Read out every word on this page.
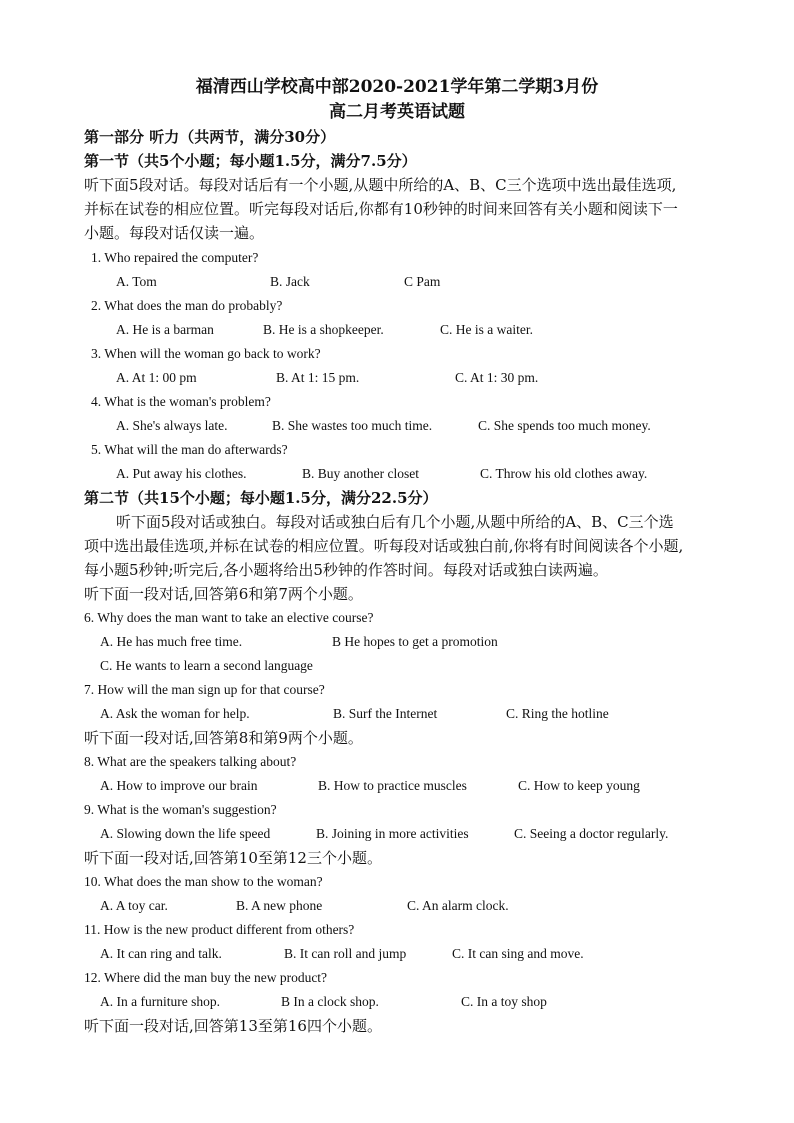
福清西山学校高中部2020-2021学年第二学期3月份
高二月考英语试题
第一部分 听力（共两节，满分30分）
第一节（共5个小题；每小题1.5分，满分7.5分）
听下面5段对话。每段对话后有一个小题,从题中所给的A、B、C三个选项中选出最佳选项,
并标在试卷的相应位置。听完每段对话后,你都有10秒钟的时间来回答有关小题和阅读下一
小题。每段对话仅读一遍。
1. Who repaired the computer?
A. Tom	B. Jack	C Pam
2. What does the man do probably?
A. He is a barman	B. He is a shopkeeper.	C. He is a waiter.
3. When will the woman go back to work?
A. At 1: 00 pm	B. At 1: 15 pm.	C. At 1: 30 pm.
4. What is the woman's problem?
A. She's always late.	B. She wastes too much time.	C. She spends too much money.
5. What will the man do afterwards?
A. Put away his clothes.	B. Buy another closet	C. Throw his old clothes away.
第二节（共15个小题；每小题1.5分，满分22.5分）
听下面5段对话或独白。每段对话或独白后有几个小题,从题中所给的A、B、C三个选
项中选出最佳选项,并标在试卷的相应位置。听每段对话或独白前,你将有时间阅读各个小题,
每小题5秒钟;听完后,各小题将给出5秒钟的作答时间。每段对话或独白读两遍。
听下面一段对话,回答第6和第7两个小题。
6. Why does the man want to take an elective course?
A. He has much free time.	B He hopes to get a promotion
C. He wants to learn a second language
7. How will the man sign up for that course?
A. Ask the woman for help.	B. Surf the Internet	C. Ring the hotline
听下面一段对话,回答第8和第9两个小题。
8. What are the speakers talking about?
A. How to improve our brain	B. How to practice muscles	C. How to keep young
9. What is the woman's suggestion?
A. Slowing down the life speed	B. Joining in more activities	C. Seeing a doctor regularly.
听下面一段对话,回答第10至第12三个小题。
10. What does the man show to the woman?
A. A toy car.	B. A new phone	C. An alarm clock.
11. How is the new product different from others?
A. It can ring and talk.	B. It can roll and jump	C. It can sing and move.
12. Where did the man buy the new product?
A. In a furniture shop.	B In a clock shop.	C. In a toy shop
听下面一段对话,回答第13至第16四个小题。
